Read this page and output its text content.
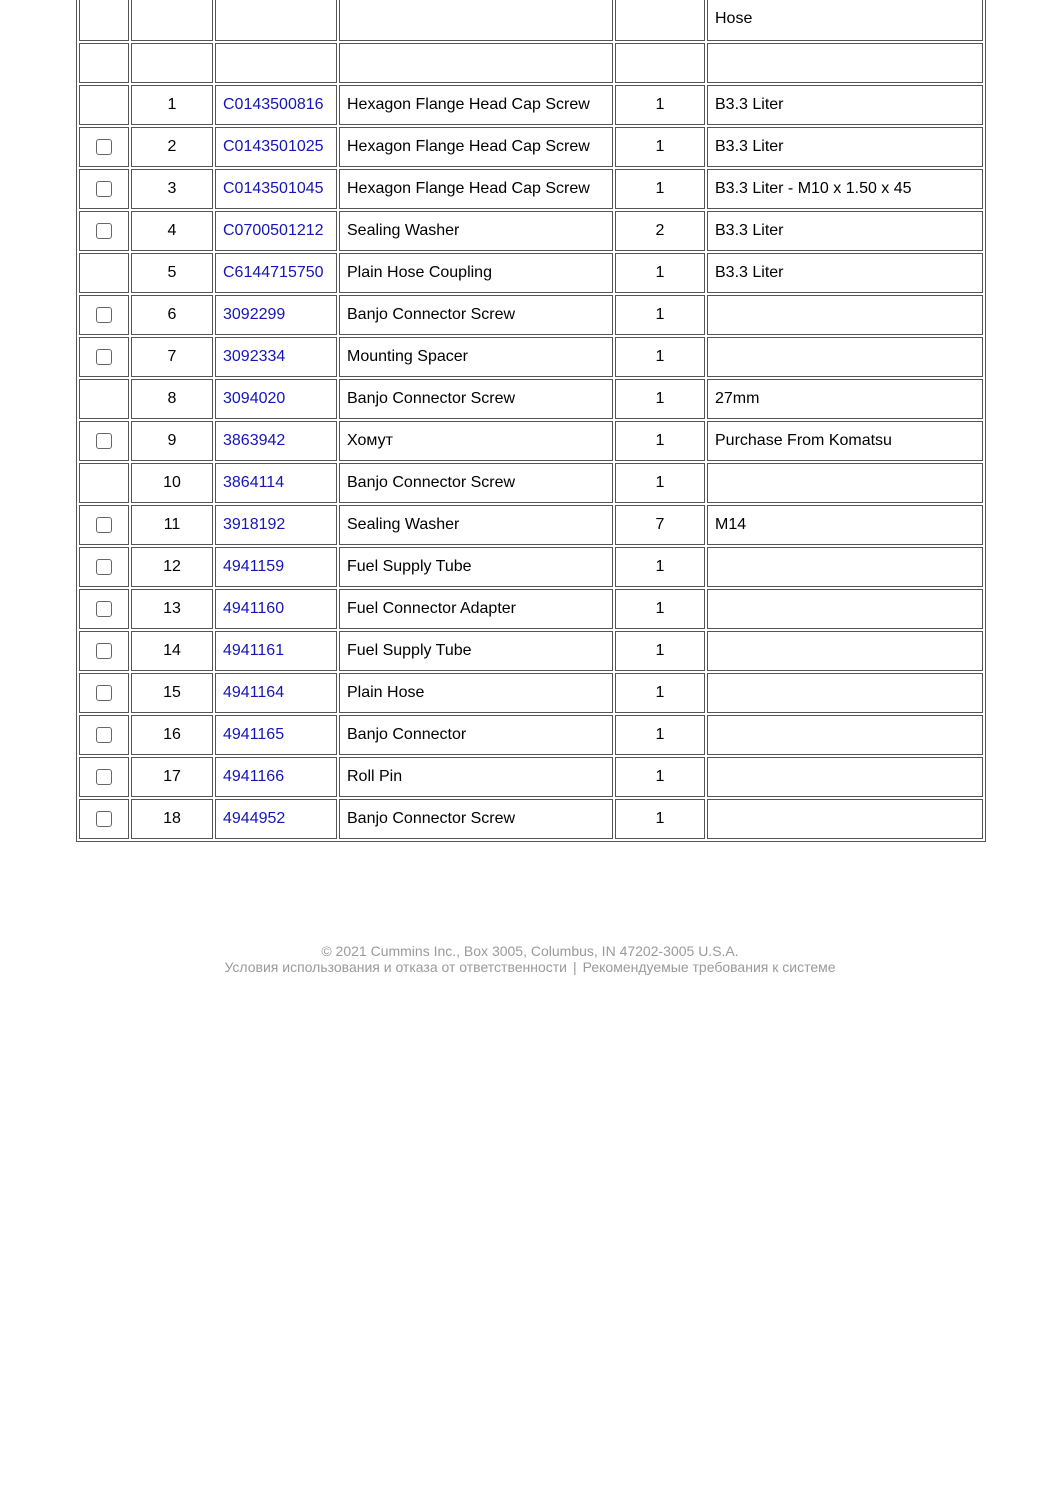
					Hose

	1	C0143500816	Hexagon Flange Head Cap Screw	1	B3.3 Liter
	2	C0143501025	Hexagon Flange Head Cap Screw	1	B3.3 Liter
	3	C0143501045	Hexagon Flange Head Cap Screw	1	B3.3 Liter - M10 x 1.50 x 45
	4	C0700501212	Sealing Washer	2	B3.3 Liter
	5	C6144715750	Plain Hose Coupling	1	B3.3 Liter
	6	3092299	Banjo Connector Screw	1	
	7	3092334	Mounting Spacer	1	
	8	3094020	Banjo Connector Screw	1	27mm
	9	3863942	Хомут	1	Purchase From Komatsu
	10	3864114	Banjo Connector Screw	1	
	11	3918192	Sealing Washer	7	M14
	12	4941159	Fuel Supply Tube	1	
	13	4941160	Fuel Connector Adapter	1	
	14	4941161	Fuel Supply Tube	1	
	15	4941164	Plain Hose	1	
	16	4941165	Banjo Connector	1	
	17	4941166	Roll Pin	1	
	18	4944952	Banjo Connector Screw	1	
© 2021 Cummins Inc., Box 3005, Columbus, IN 47202-3005 U.S.A.
Условия использования и отказа от ответственности | Рекомендуемые требования к системе
